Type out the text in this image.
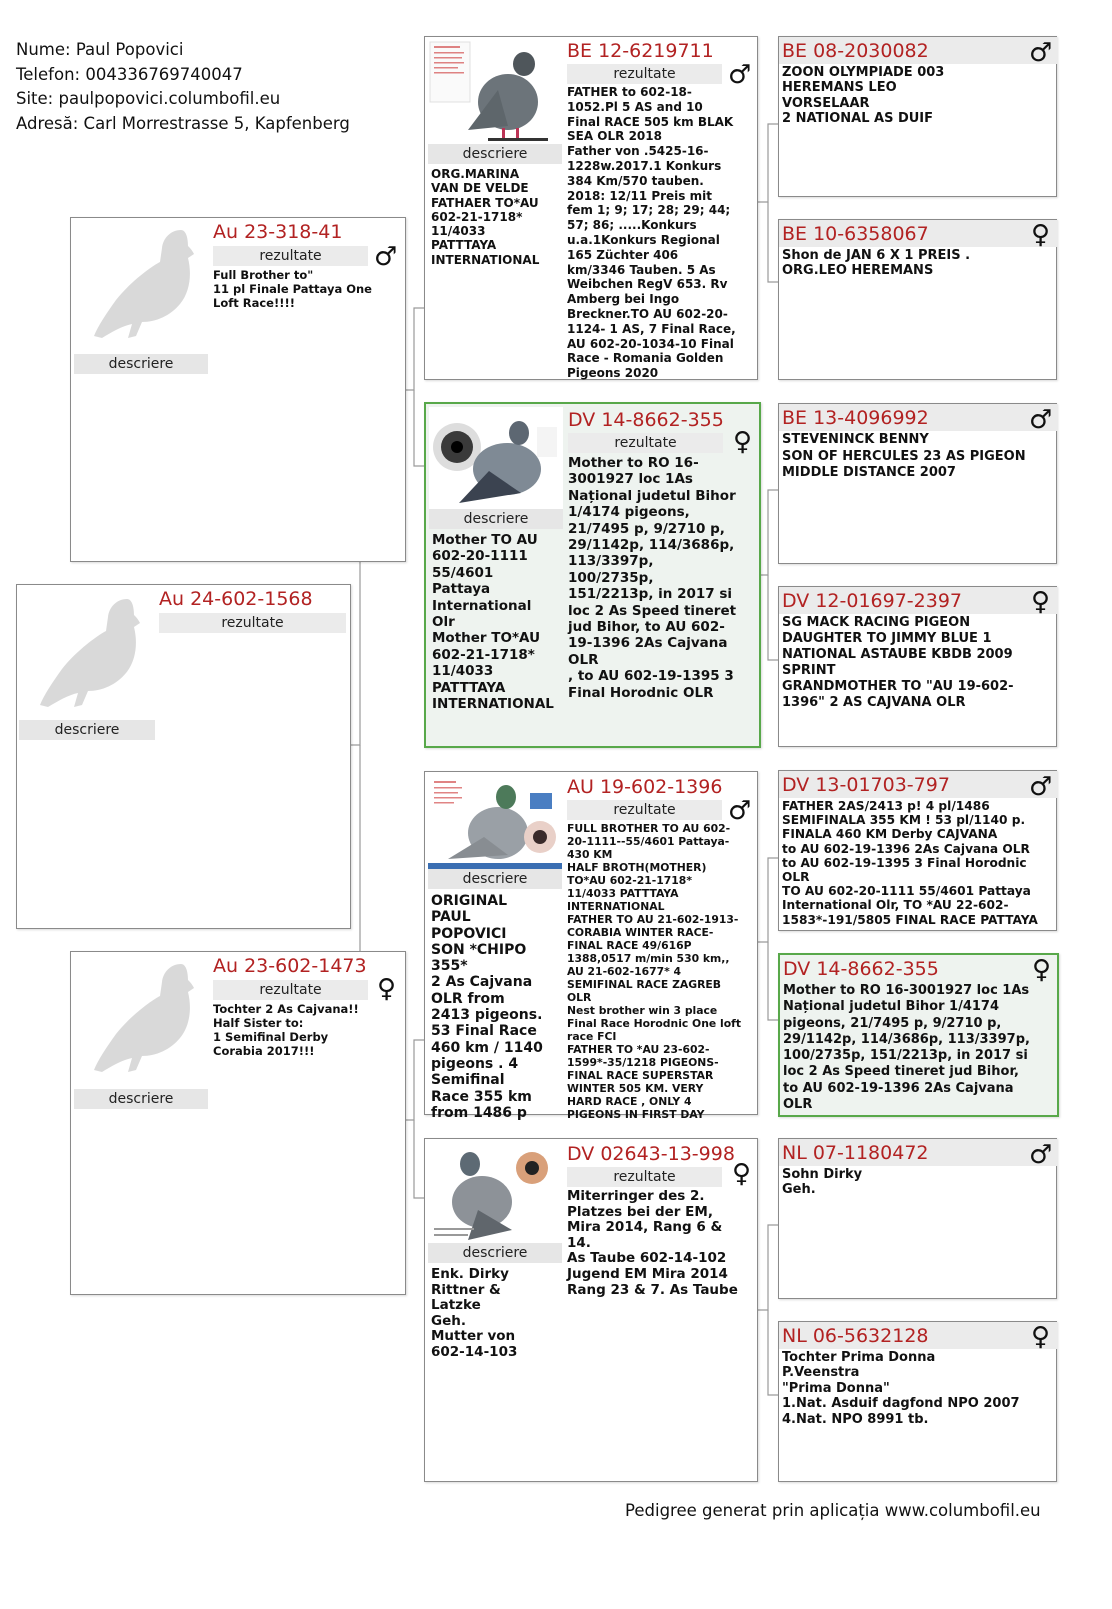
Nume: Paul Popovici
Telefon: 004336769740047
Site: paulpopovici.columbofil.eu
Adresă: Carl Morrestrasse 5, Kapfenberg
descriere
Au 24-602-1568
rezultate
descriere
Au 23-318-41
rezultate	♂
Full Brother to"
11 pl Finale Pattaya One
Loft Race!!!!
descriere
Au 23-602-1473
rezultate	♀
Tochter 2 As Cajvana!!
Half Sister to:
1 Semifinal Derby
Corabia 2017!!!
descriere
ORG.MARINA
VAN DE VELDE
FATHAER TO*AU
602-21-1718*
11/4033
PATTTAYA
INTERNATIONAL
BE 12-6219711
rezultate	♂
FATHER to 602-18-
1052.Pl 5 AS and 10
Final RACE 505 km BLAK
SEA OLR 2018
Father von .5425-16-
1228w.2017.1 Konkurs
384 Km/570 tauben.
2018: 12/11 Preis mit
fem 1; 9; 17; 28; 29; 44;
57; 86; .....Konkurs
u.a.1Konkurs Regional
165 Züchter 406
km/3346 Tauben. 5 As
Weibchen RegV 653. Rv
Amberg bei Ingo
Breckner.TO AU 602-20-
1124- 1 AS, 7 Final Race,
AU 602-20-1034-10 Final
Race - Romania Golden
Pigeons 2020
descriere
Mother TO AU
602-20-1111
55/4601
Pattaya
International
Olr
Mother TO*AU
602-21-1718*
11/4033
PATTTAYA
INTERNATIONAL
DV 14-8662-355
rezultate	♀
Mother to RO 16-
3001927 loc 1As
Național judetul Bihor
1/4174 pigeons,
21/7495 p, 9/2710 p,
29/1142p, 114/3686p,
113/3397p,
100/2735p,
151/2213p, in 2017 si
loc 2 As Speed tineret
jud Bihor, to AU 602-
19-1396 2As Cajvana
OLR
, to AU 602-19-1395 3
Final Horodnic OLR
descriere
ORIGINAL
PAUL
POPOVICI
SON *CHIPO
355*
2 As Cajvana
OLR from
2413 pigeons.
53 Final Race
460 km / 1140
pigeons . 4
Semifinal
Race 355 km
from 1486 p
AU 19-602-1396
rezultate	♂
FULL BROTHER TO AU 602-
20-1111--55/4601 Pattaya-
430 KM
HALF BROTH(MOTHER)
TO*AU 602-21-1718*
11/4033 PATTTAYA
INTERNATIONAL
FATHER TO AU 21-602-1913-
CORABIA WINTER RACE-
FINAL RACE 49/616P
1388,0517 m/min 530 km,,
AU 21-602-1677* 4
SEMIFINAL RACE ZAGREB
OLR
Nest brother win 3 place
Final Race Horodnic One loft
race FCI
FATHER TO *AU 23-602-
1599*-35/1218 PIGEONS-
FINAL RACE SUPERSTAR
WINTER 505 KM. VERY
HARD RACE , ONLY 4
PIGEONS IN FIRST DAY
descriere
Enk. Dirky
Rittner &
Latzke
Geh.
Mutter von
602-14-103
DV 02643-13-998
rezultate	♀
Miterringer des 2.
Platzes bei der EM,
Mira 2014, Rang 6 &
14.
As Taube 602-14-102
Jugend EM Mira 2014
Rang 23 & 7. As Taube
BE 08-2030082	♂
ZOON OLYMPIADE 003
HEREMANS LEO
VORSELAAR
2 NATIONAL AS DUIF
BE 10-6358067	♀
Shon de JAN 6 X 1 PREIS .
ORG.LEO HEREMANS
BE 13-4096992	♂
STEVENINCK BENNY
SON OF HERCULES 23 AS PIGEON
MIDDLE DISTANCE 2007
DV 12-01697-2397	♀
SG MACK RACING PIGEON
DAUGHTER TO JIMMY BLUE 1
NATIONAL ASTAUBE KBDB 2009
SPRINT
GRANDMOTHER TO "AU 19-602-
1396" 2 AS CAJVANA OLR
DV 13-01703-797	♂
FATHER 2AS/2413 p! 4 pl/1486
SEMIFINALA 355 KM ! 53 pl/1140 p.
FINALA 460 KM Derby CAJVANA
to AU 602-19-1396 2As Cajvana OLR
to AU 602-19-1395 3 Final Horodnic
OLR
TO AU 602-20-1111 55/4601 Pattaya
International Olr, TO *AU 22-602-
1583*-191/5805 FINAL RACE PATTAYA
DV 14-8662-355	♀
Mother to RO 16-3001927 loc 1As
Național judetul Bihor 1/4174
pigeons, 21/7495 p, 9/2710 p,
29/1142p, 114/3686p, 113/3397p,
100/2735p, 151/2213p, in 2017 si
loc 2 As Speed tineret jud Bihor,
to AU 602-19-1396 2As Cajvana
OLR
NL 07-1180472	♂
Sohn Dirky
Geh.
NL 06-5632128	♀
Tochter Prima Donna
P.Veenstra
"Prima Donna"
1.Nat. Asduif dagfond NPO 2007
4.Nat. NPO 8991 tb.
Pedigree generat prin aplicația www.columbofil.eu
